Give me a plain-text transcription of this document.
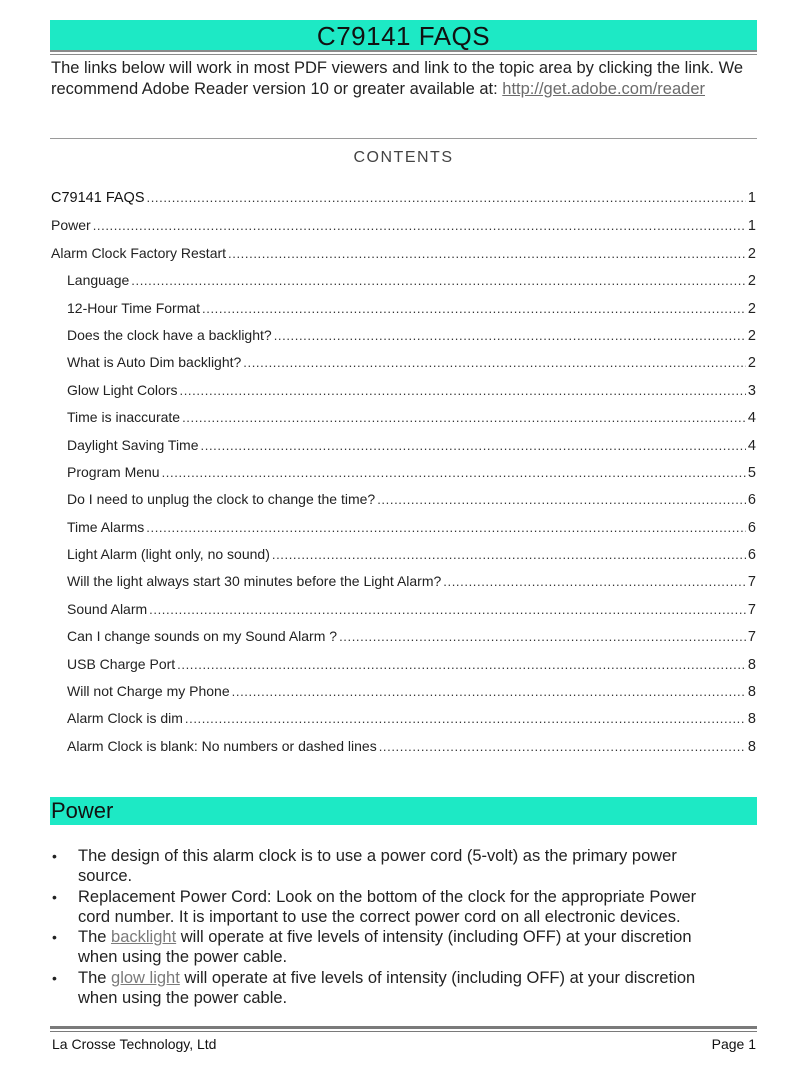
C79141 FAQS
The links below will work in most PDF viewers and link to the topic area by clicking the link. We recommend Adobe Reader version 10 or greater available at: http://get.adobe.com/reader
CONTENTS
C79141 FAQS .....	1
Power .....	1
Alarm Clock Factory Restart .....	2
Language .....	2
12-Hour Time Format .....	2
Does the clock have a backlight? .....	2
What is Auto Dim backlight? .....	2
Glow Light Colors .....	3
Time is inaccurate .....	4
Daylight Saving Time .....	4
Program Menu .....	5
Do I need to unplug the clock to change the time? .....	6
Time Alarms .....	6
Light Alarm (light only, no sound) .....	6
Will the light always start 30 minutes before the Light Alarm? .....	7
Sound Alarm .....	7
Can I change sounds on my Sound Alarm ? .....	7
USB Charge Port .....	8
Will not Charge my Phone .....	8
Alarm Clock is dim .....	8
Alarm Clock is blank: No numbers or dashed lines .....	8
Power
• The design of this alarm clock is to use a power cord (5-volt) as the primary power source.
• Replacement Power Cord: Look on the bottom of the clock for the appropriate Power cord number. It is important to use the correct power cord on all electronic devices.
• The backlight will operate at five levels of intensity (including OFF) at your discretion when using the power cable.
• The glow light will operate at five levels of intensity (including OFF) at your discretion when using the power cable.
La Crosse Technology, Ltd	Page 1
